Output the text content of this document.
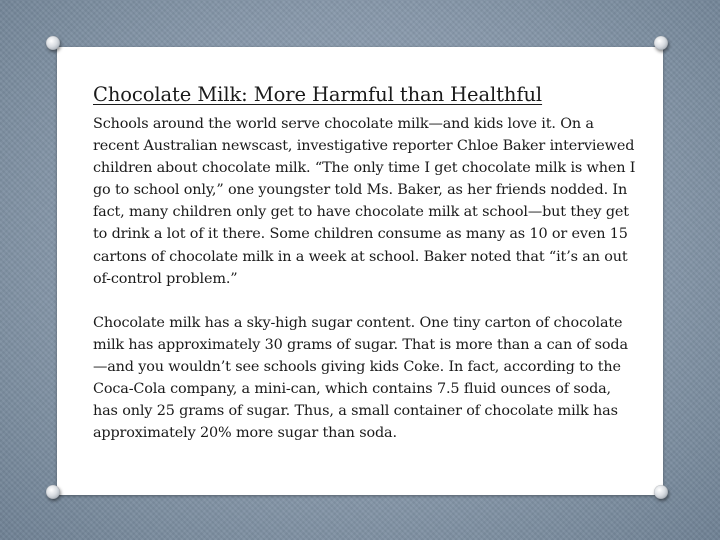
Chocolate Milk: More Harmful than Healthful

Schools around the world serve chocolate milk—and kids love it. On a recent Australian newscast, investigative reporter Chloe Baker interviewed children about chocolate milk. “The only time I get chocolate milk is when I go to school only,” one youngster told Ms. Baker, as her friends nodded. In fact, many children only get to have chocolate milk at school—but they get to drink a lot of it there. Some children consume as many as 10 or even 15 cartons of chocolate milk in a week at school. Baker noted that “it’s an out of-control problem.”

Chocolate milk has a sky-high sugar content. One tiny carton of chocolate milk has approximately 30 grams of sugar. That is more than a can of soda—and you wouldn’t see schools giving kids Coke. In fact, according to the Coca-Cola company, a mini-can, which contains 7.5 fluid ounces of soda, has only 25 grams of sugar. Thus, a small container of chocolate milk has approximately 20% more sugar than soda.
